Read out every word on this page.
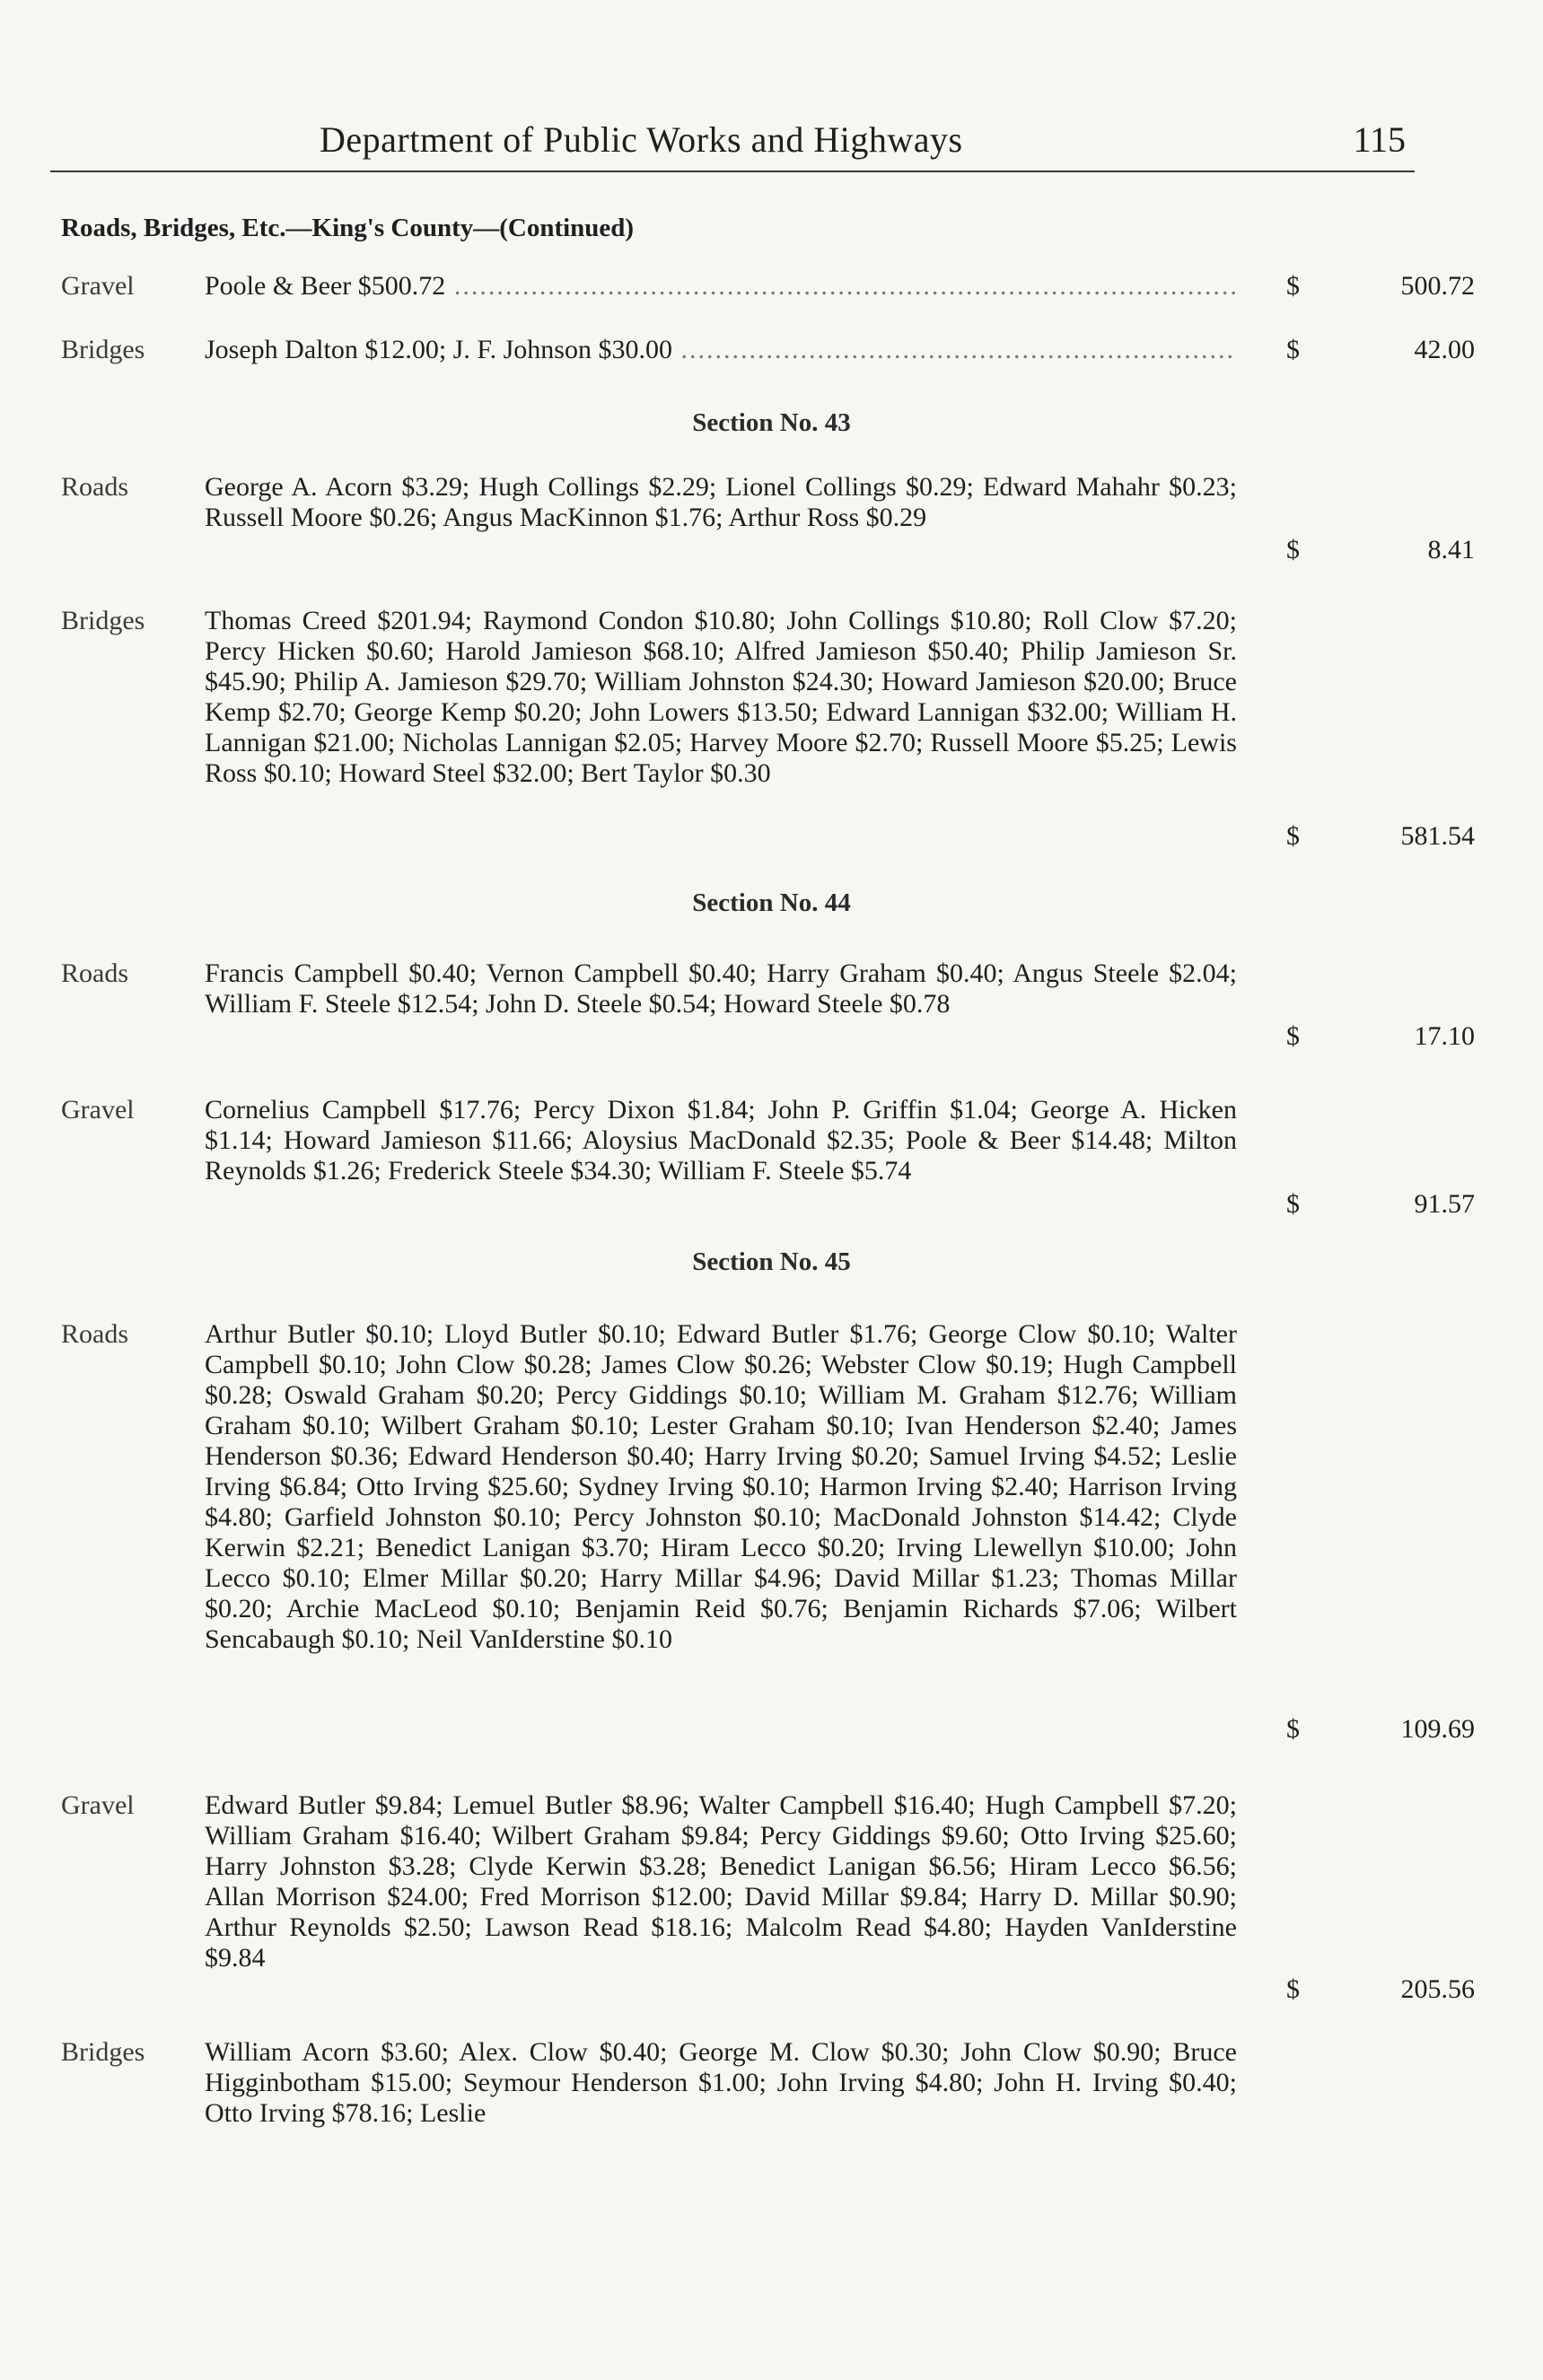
Department of Public Works and Highways	115
Roads, Bridges, Etc.—King's County—(Continued)
Gravel	Poole & Beer $500.72 .....	$	500.72
Bridges Joseph Dalton $12.00; J. F. Johnson $30.00 .....	$	42.00
Section No. 43
Roads	George A. Acorn $3.29; Hugh Collings $2.29; Lionel Collings $0.29; Edward Mahahr $0.23; Russell Moore $0.26; Angus MacKinnon $1.76; Arthur Ross $0.29
$	8.41
Bridges Thomas Creed $201.94; Raymond Condon $10.80; John Collings $10.80; Roll Clow $7.20; Percy Hicken $0.60; Harold Jamieson $68.10; Alfred Jamieson $50.40; Philip Jamieson Sr. $45.90; Philip A. Jamieson $29.70; William Johnston $24.30; Howard Jamieson $20.00; Bruce Kemp $2.70; George Kemp $0.20; John Lowers $13.50; Edward Lannigan $32.00; William H. Lannigan $21.00; Nicholas Lannigan $2.05; Harvey Moore $2.70; Russell Moore $5.25; Lewis Ross $0.10; Howard Steel $32.00; Bert Taylor $0.30
$	581.54
Section No. 44
Roads	Francis Campbell $0.40; Vernon Campbell $0.40; Harry Graham $0.40; Angus Steele $2.04; William F. Steele $12.54; John D. Steele $0.54; Howard Steele $0.78
$	17.10
Gravel	Cornelius Campbell $17.76; Percy Dixon $1.84; John P. Griffin $1.04; George A. Hicken $1.14; Howard Jamieson $11.66; Aloysius MacDonald $2.35; Poole & Beer $14.48; Milton Reynolds $1.26; Frederick Steele $34.30; William F. Steele $5.74
$	91.57
Section No. 45
Roads	Arthur Butler $0.10; Lloyd Butler $0.10; Edward Butler $1.76; George Clow $0.10; Walter Campbell $0.10; John Clow $0.28; James Clow $0.26; Webster Clow $0.19; Hugh Campbell $0.28; Oswald Graham $0.20; Percy Giddings $0.10; William M. Graham $12.76; William Graham $0.10; Wilbert Graham $0.10; Lester Graham $0.10; Ivan Henderson $2.40; James Henderson $0.36; Edward Henderson $0.40; Harry Irving $0.20; Samuel Irving $4.52; Leslie Irving $6.84; Otto Irving $25.60; Sydney Irving $0.10; Harmon Irving $2.40; Harrison Irving $4.80; Garfield Johnston $0.10; Percy Johnston $0.10; MacDonald Johnston $14.42; Clyde Kerwin $2.21; Benedict Lanigan $3.70; Hiram Lecco $0.20; Irving Llewellyn $10.00; John Lecco $0.10; Elmer Millar $0.20; Harry Millar $4.96; David Millar $1.23; Thomas Millar $0.20; Archie MacLeod $0.10; Benjamin Reid $0.76; Benjamin Richards $7.06; Wilbert Sencabaugh $0.10; Neil VanIderstine $0.10
$	109.69
Gravel	Edward Butler $9.84; Lemuel Butler $8.96; Walter Campbell $16.40; Hugh Campbell $7.20; William Graham $16.40; Wilbert Graham $9.84; Percy Giddings $9.60; Otto Irving $25.60; Harry Johnston $3.28; Clyde Kerwin $3.28; Benedict Lanigan $6.56; Hiram Lecco $6.56; Allan Morrison $24.00; Fred Morrison $12.00; David Millar $9.84; Harry D. Millar $0.90; Arthur Reynolds $2.50; Lawson Read $18.16; Malcolm Read $4.80; Hayden VanIderstine $9.84
$	205.56
Bridges William Acorn $3.60; Alex. Clow $0.40; George M. Clow $0.30; John Clow $0.90; Bruce Higginbotham $15.00; Seymour Henderson $1.00; John Irving $4.80; John H. Irving $0.40; Otto Irving $78.16; Leslie
